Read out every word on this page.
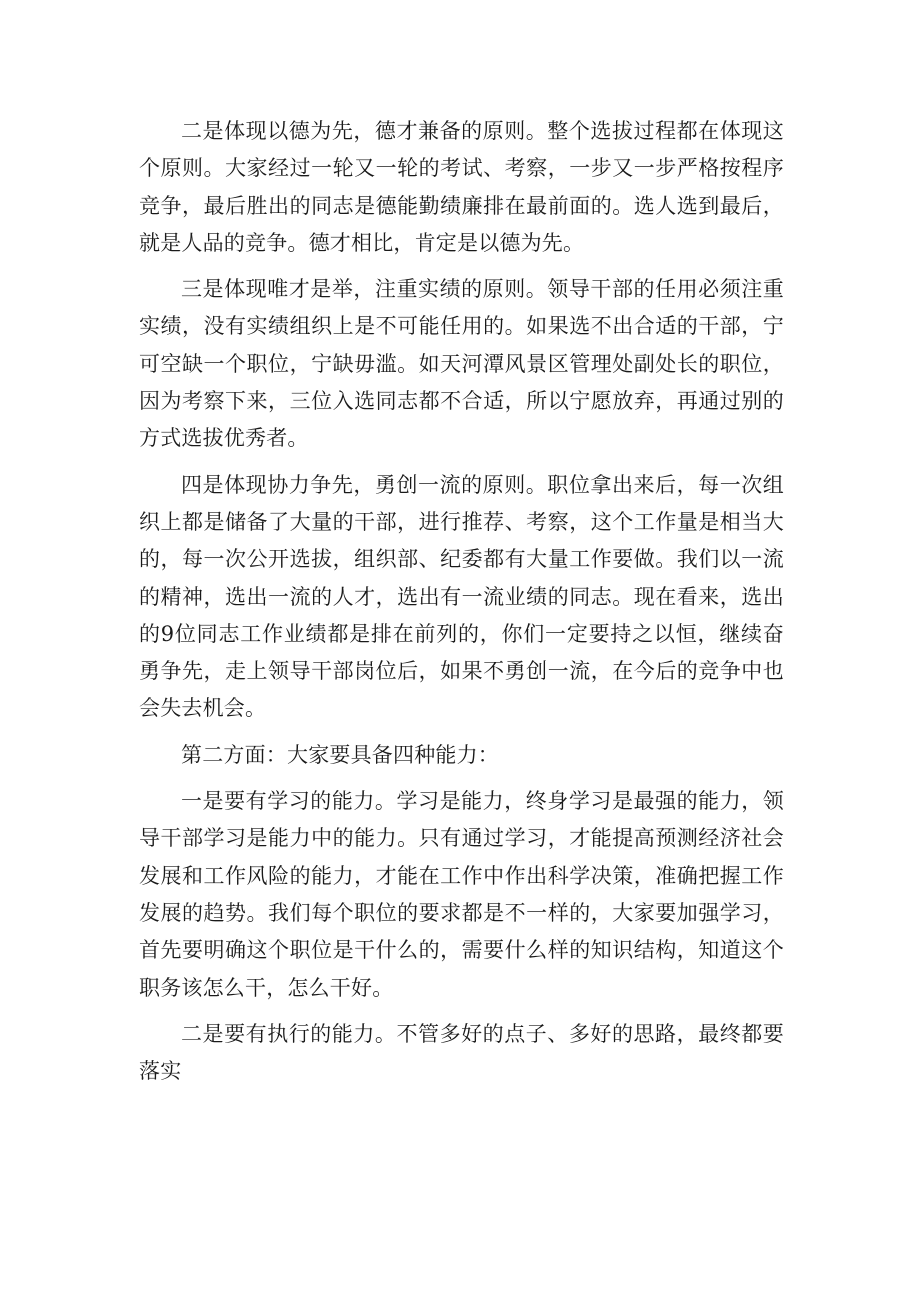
二是体现以德为先，德才兼备的原则。整个选拔过程都在体现这个原则。大家经过一轮又一轮的考试、考察，一步又一步严格按程序竞争，最后胜出的同志是德能勤绩廉排在最前面的。选人选到最后，就是人品的竞争。德才相比，肯定是以德为先。

三是体现唯才是举，注重实绩的原则。领导干部的任用必须注重实绩，没有实绩组织上是不可能任用的。如果选不出合适的干部，宁可空缺一个职位，宁缺毋滥。如天河潭风景区管理处副处长的职位，因为考察下来，三位入选同志都不合适，所以宁愿放弃，再通过别的方式选拔优秀者。

四是体现协力争先，勇创一流的原则。职位拿出来后，每一次组织上都是储备了大量的干部，进行推荐、考察，这个工作量是相当大的，每一次公开选拔，组织部、纪委都有大量工作要做。我们以一流的精神，选出一流的人才，选出有一流业绩的同志。现在看来，选出的9位同志工作业绩都是排在前列的，你们一定要持之以恒，继续奋勇争先，走上领导干部岗位后，如果不勇创一流，在今后的竞争中也会失去机会。

第二方面：大家要具备四种能力：

一是要有学习的能力。学习是能力，终身学习是最强的能力，领导干部学习是能力中的能力。只有通过学习，才能提高预测经济社会发展和工作风险的能力，才能在工作中作出科学决策，准确把握工作发展的趋势。我们每个职位的要求都是不一样的，大家要加强学习，首先要明确这个职位是干什么的，需要什么样的知识结构，知道这个职务该怎么干，怎么干好。

二是要有执行的能力。不管多好的点子、多好的思路，最终都要落实
